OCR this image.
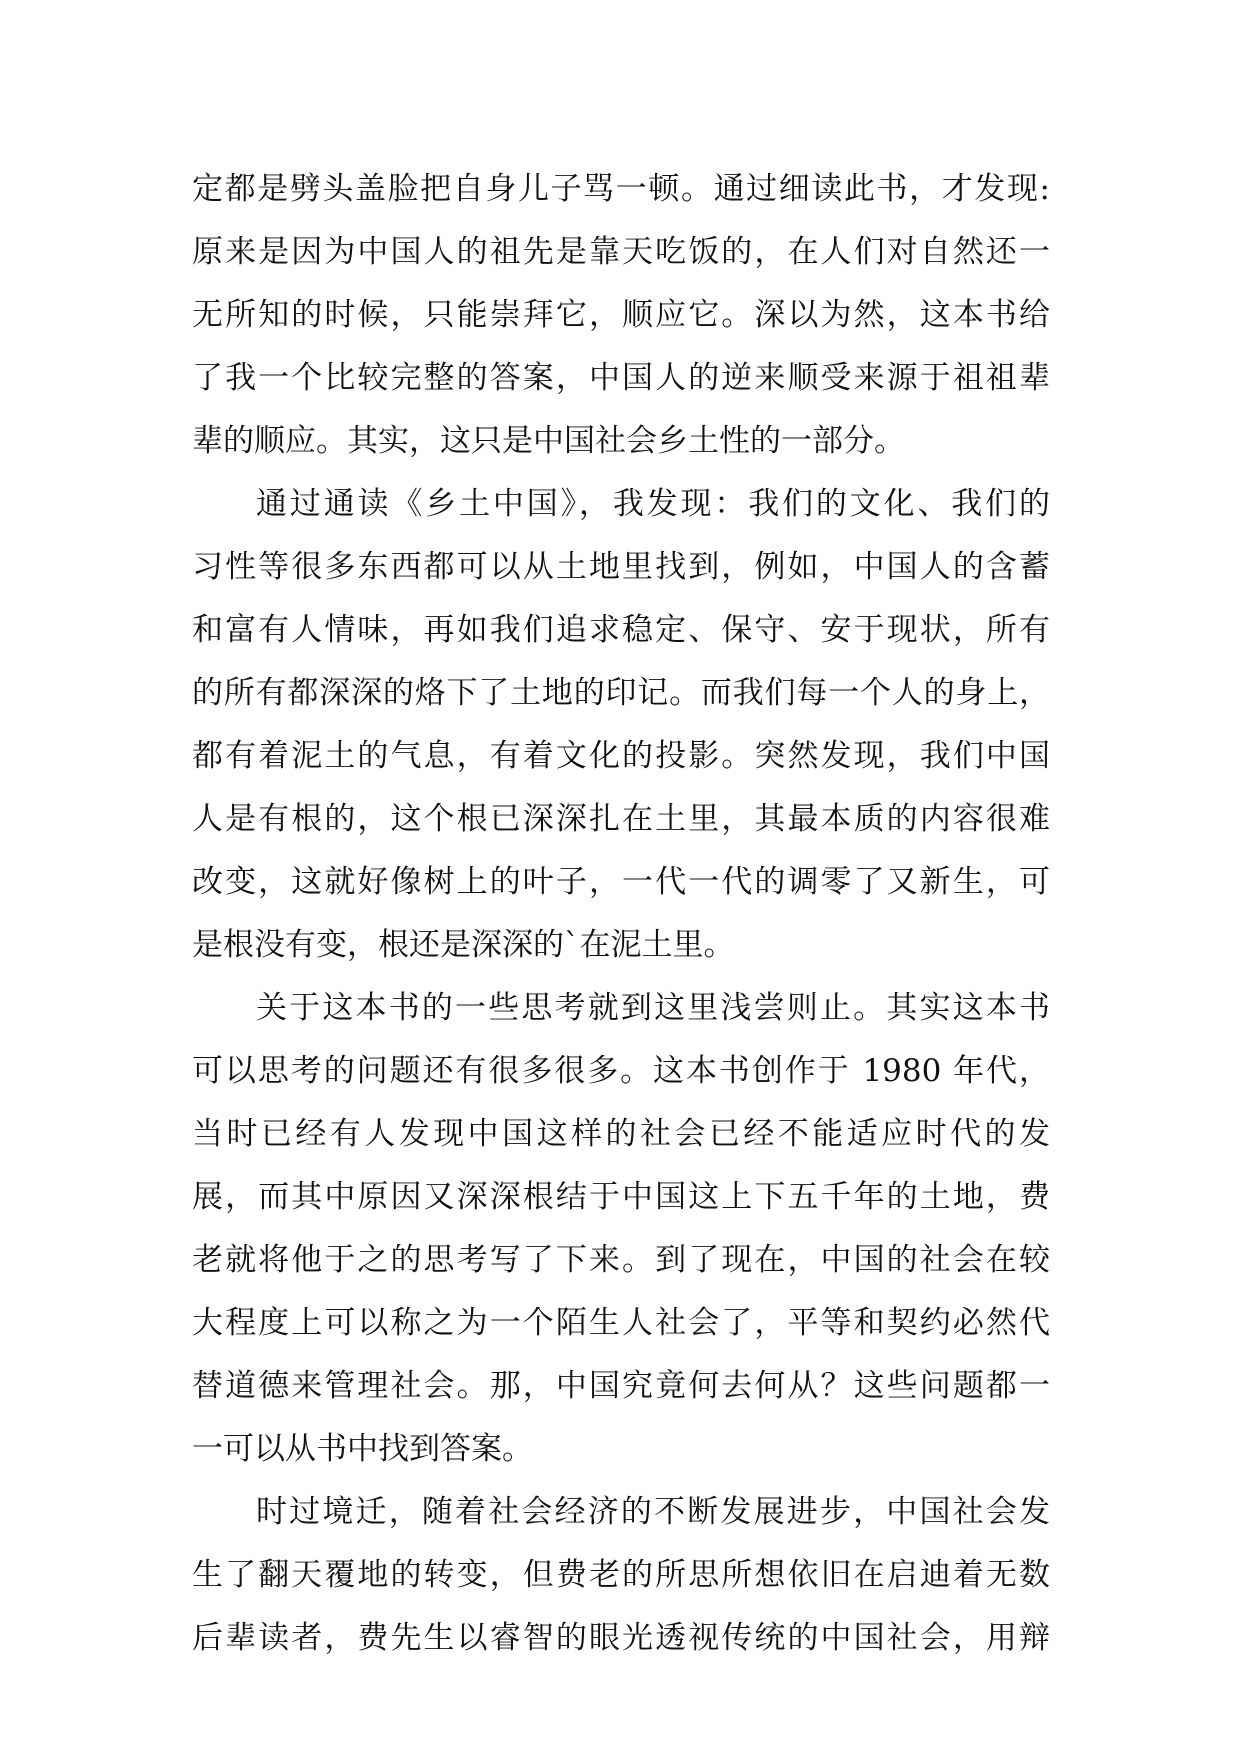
定都是劈头盖脸把自身儿子骂一顿。通过细读此书，才发现:
原来是因为中国人的祖先是靠天吃饭的，在人们对自然还一
无所知的时候，只能崇拜它，顺应它。深以为然，这本书给
了我一个比较完整的答案，中国人的逆来顺受来源于祖祖辈
辈的顺应。其实，这只是中国社会乡土性的一部分。
通过通读《乡土中国》，我发现：我们的文化、我们的
习性等很多东西都可以从土地里找到，例如，中国人的含蓄
和富有人情味，再如我们追求稳定、保守、安于现状，所有
的所有都深深的烙下了土地的印记。而我们每一个人的身上，
都有着泥土的气息，有着文化的投影。突然发现，我们中国
人是有根的，这个根已深深扎在土里，其最本质的内容很难
改变，这就好像树上的叶子，一代一代的调零了又新生，可
是根没有变，根还是深深的`在泥土里。
关于这本书的一些思考就到这里浅尝则止。其实这本书
可以思考的问题还有很多很多。这本书创作于 1980 年代，
当时已经有人发现中国这样的社会已经不能适应时代的发
展，而其中原因又深深根结于中国这上下五千年的土地，费
老就将他于之的思考写了下来。到了现在，中国的社会在较
大程度上可以称之为一个陌生人社会了，平等和契约必然代
替道德来管理社会。那，中国究竟何去何从？这些问题都一
一可以从书中找到答案。
时过境迁，随着社会经济的不断发展进步，中国社会发
生了翻天覆地的转变，但费老的所思所想依旧在启迪着无数
后辈读者，费先生以睿智的眼光透视传统的中国社会，用辩
